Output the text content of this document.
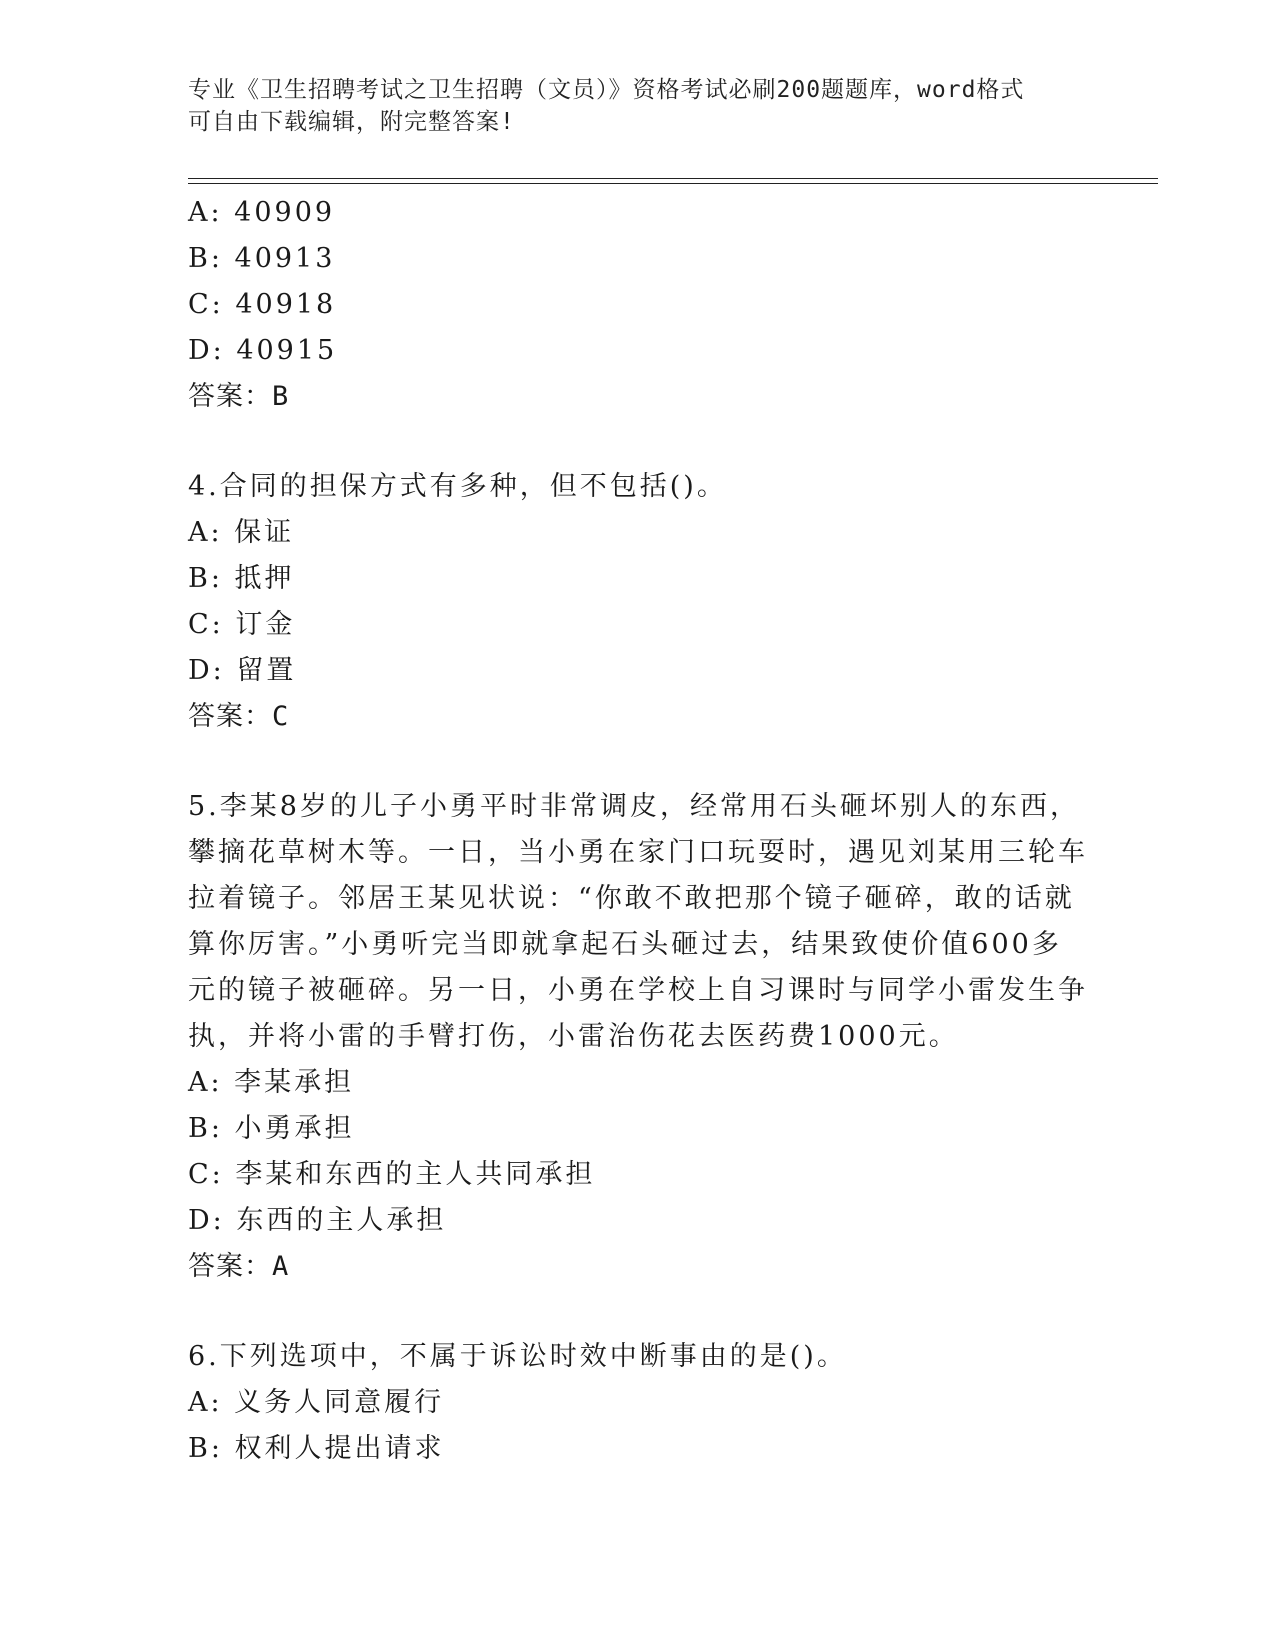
专业《卫生招聘考试之卫生招聘（文员）》资格考试必刷200题题库，word格式
可自由下载编辑，附完整答案!
A: 40909
B: 40913
C: 40918
D: 40915
答案：B
4.合同的担保方式有多种，但不包括()。
A: 保证
B: 抵押
C: 订金
D: 留置
答案：C
5.李某8岁的儿子小勇平时非常调皮，经常用石头砸坏别人的东西，
攀摘花草树木等。一日，当小勇在家门口玩耍时，遇见刘某用三轮车
拉着镜子。邻居王某见状说：“你敢不敢把那个镜子砸碎，敢的话就
算你厉害。”小勇听完当即就拿起石头砸过去，结果致使价值600多
元的镜子被砸碎。另一日，小勇在学校上自习课时与同学小雷发生争
执，并将小雷的手臂打伤，小雷治伤花去医药费1000元。
A: 李某承担
B: 小勇承担
C: 李某和东西的主人共同承担
D: 东西的主人承担
答案：A
6.下列选项中，不属于诉讼时效中断事由的是()。
A: 义务人同意履行
B: 权利人提出请求
